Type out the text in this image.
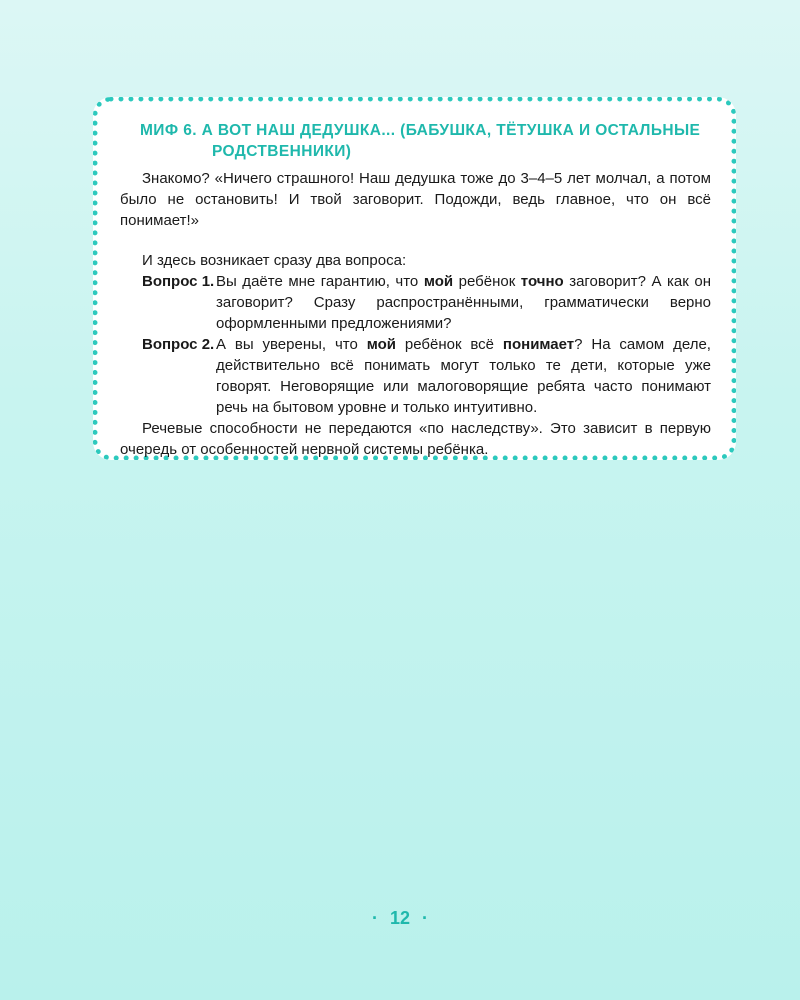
МИФ 6. А ВОТ НАШ ДЕДУШКА... (БАБУШКА, ТЁТУШКА И ОСТАЛЬНЫЕ
РОДСТВЕННИКИ)

Знакомо? «Ничего страшного! Наш дедушка тоже до 3–4–5 лет молчал, а потом было не остановить! И твой заговорит. Подожди, ведь главное, что он всё понимает!»

И здесь возникает сразу два вопроса:

Вопрос 1. Вы даёте мне гарантию, что мой ребёнок точно заговорит? А как он заговорит? Сразу распространёнными, грамматически верно оформленными предложениями?
Вопрос 2. А вы уверены, что мой ребёнок всё понимает? На самом деле, действительно всё понимать могут только те дети, которые уже говорят. Неговорящие или малоговорящие ребята часто понимают речь на бытовом уровне и только интуитивно.

Речевые способности не передаются «по наследству». Это зависит в первую очередь от особенностей нервной системы ребёнка.

· 12 ·
